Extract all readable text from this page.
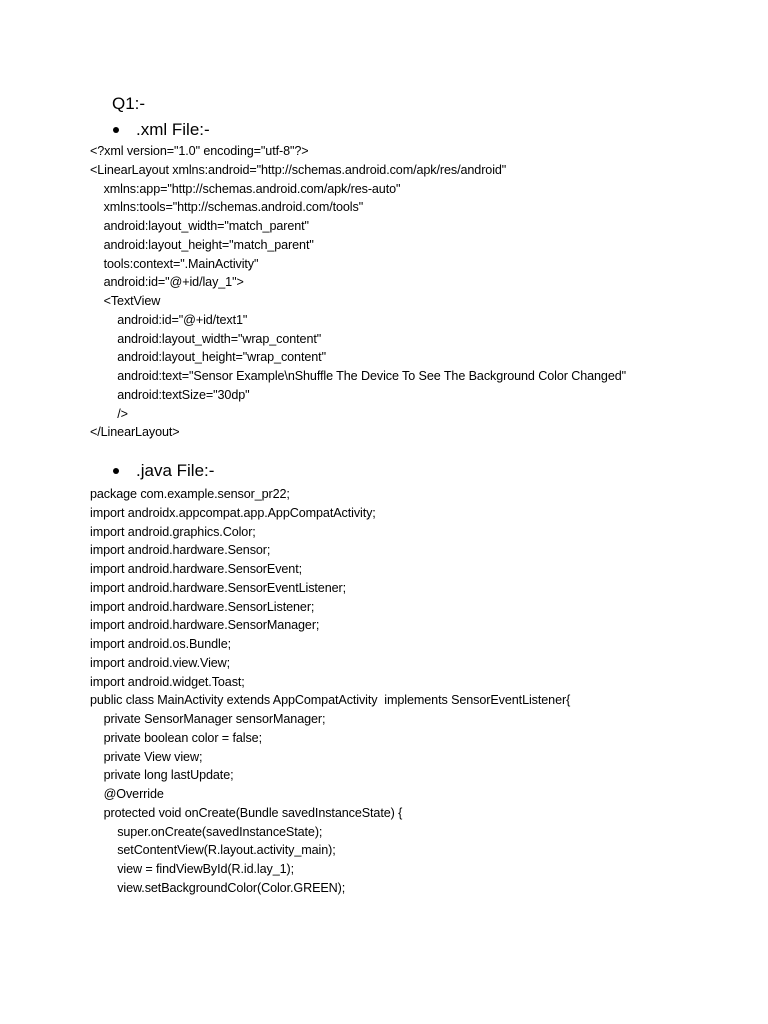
Q1:-
.xml File:-
<?xml version="1.0" encoding="utf-8"?>
<LinearLayout xmlns:android="http://schemas.android.com/apk/res/android"
xmlns:app="http://schemas.android.com/apk/res-auto"
xmlns:tools="http://schemas.android.com/tools"
android:layout_width="match_parent"
android:layout_height="match_parent"
tools:context=".MainActivity"
android:id="@+id/lay_1">
<TextView
android:id="@+id/text1"
android:layout_width="wrap_content"
android:layout_height="wrap_content"
android:text="Sensor Example\nShuffle The Device To See The Background Color Changed"
android:textSize="30dp"
/>
</LinearLayout>
.java File:-
package com.example.sensor_pr22;
import androidx.appcompat.app.AppCompatActivity;
import android.graphics.Color;
import android.hardware.Sensor;
import android.hardware.SensorEvent;
import android.hardware.SensorEventListener;
import android.hardware.SensorListener;
import android.hardware.SensorManager;
import android.os.Bundle;
import android.view.View;
import android.widget.Toast;
public class MainActivity extends AppCompatActivity  implements SensorEventListener{
private SensorManager sensorManager;
private boolean color = false;
private View view;
private long lastUpdate;
@Override
protected void onCreate(Bundle savedInstanceState) {
super.onCreate(savedInstanceState);
setContentView(R.layout.activity_main);
view = findViewById(R.id.lay_1);
view.setBackgroundColor(Color.GREEN);
